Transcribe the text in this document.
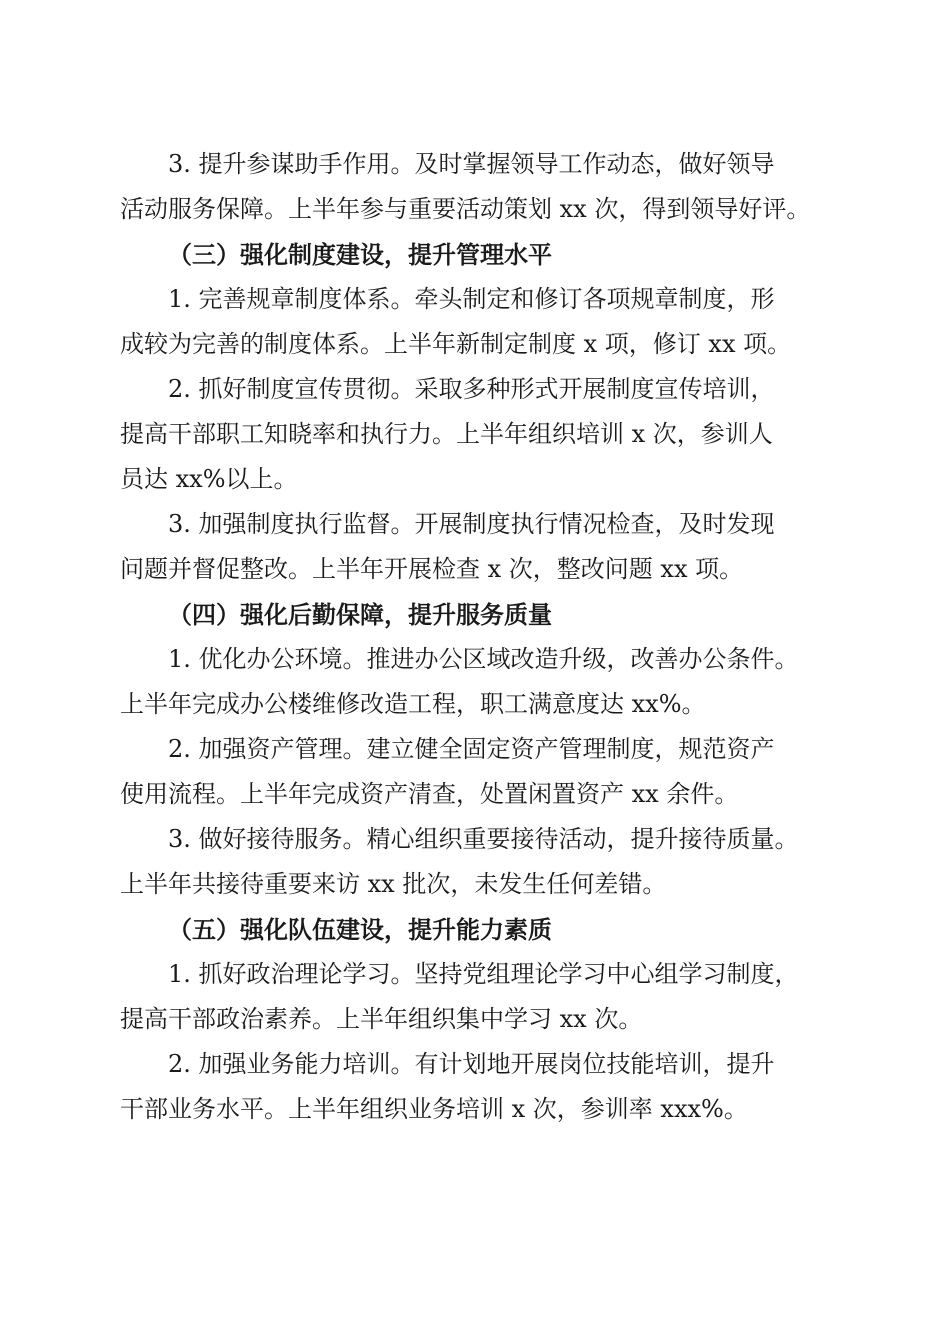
3. 提升参谋助手作用。及时掌握领导工作动态，做好领导
活动服务保障。上半年参与重要活动策划 xx 次，得到领导好评。
（三）强化制度建设，提升管理水平
1. 完善规章制度体系。牵头制定和修订各项规章制度，形
成较为完善的制度体系。上半年新制定制度 x 项，修订 xx 项。
2. 抓好制度宣传贯彻。采取多种形式开展制度宣传培训，
提高干部职工知晓率和执行力。上半年组织培训 x 次，参训人
员达 xx%以上。
3. 加强制度执行监督。开展制度执行情况检查，及时发现
问题并督促整改。上半年开展检查 x 次，整改问题 xx 项。
（四）强化后勤保障，提升服务质量
1. 优化办公环境。推进办公区域改造升级，改善办公条件。
上半年完成办公楼维修改造工程，职工满意度达 xx%。
2. 加强资产管理。建立健全固定资产管理制度，规范资产
使用流程。上半年完成资产清查，处置闲置资产 xx 余件。
3. 做好接待服务。精心组织重要接待活动，提升接待质量。
上半年共接待重要来访 xx 批次，未发生任何差错。
（五）强化队伍建设，提升能力素质
1. 抓好政治理论学习。坚持党组理论学习中心组学习制度，
提高干部政治素养。上半年组织集中学习 xx 次。
2. 加强业务能力培训。有计划地开展岗位技能培训，提升
干部业务水平。上半年组织业务培训 x 次，参训率 xxx%。
